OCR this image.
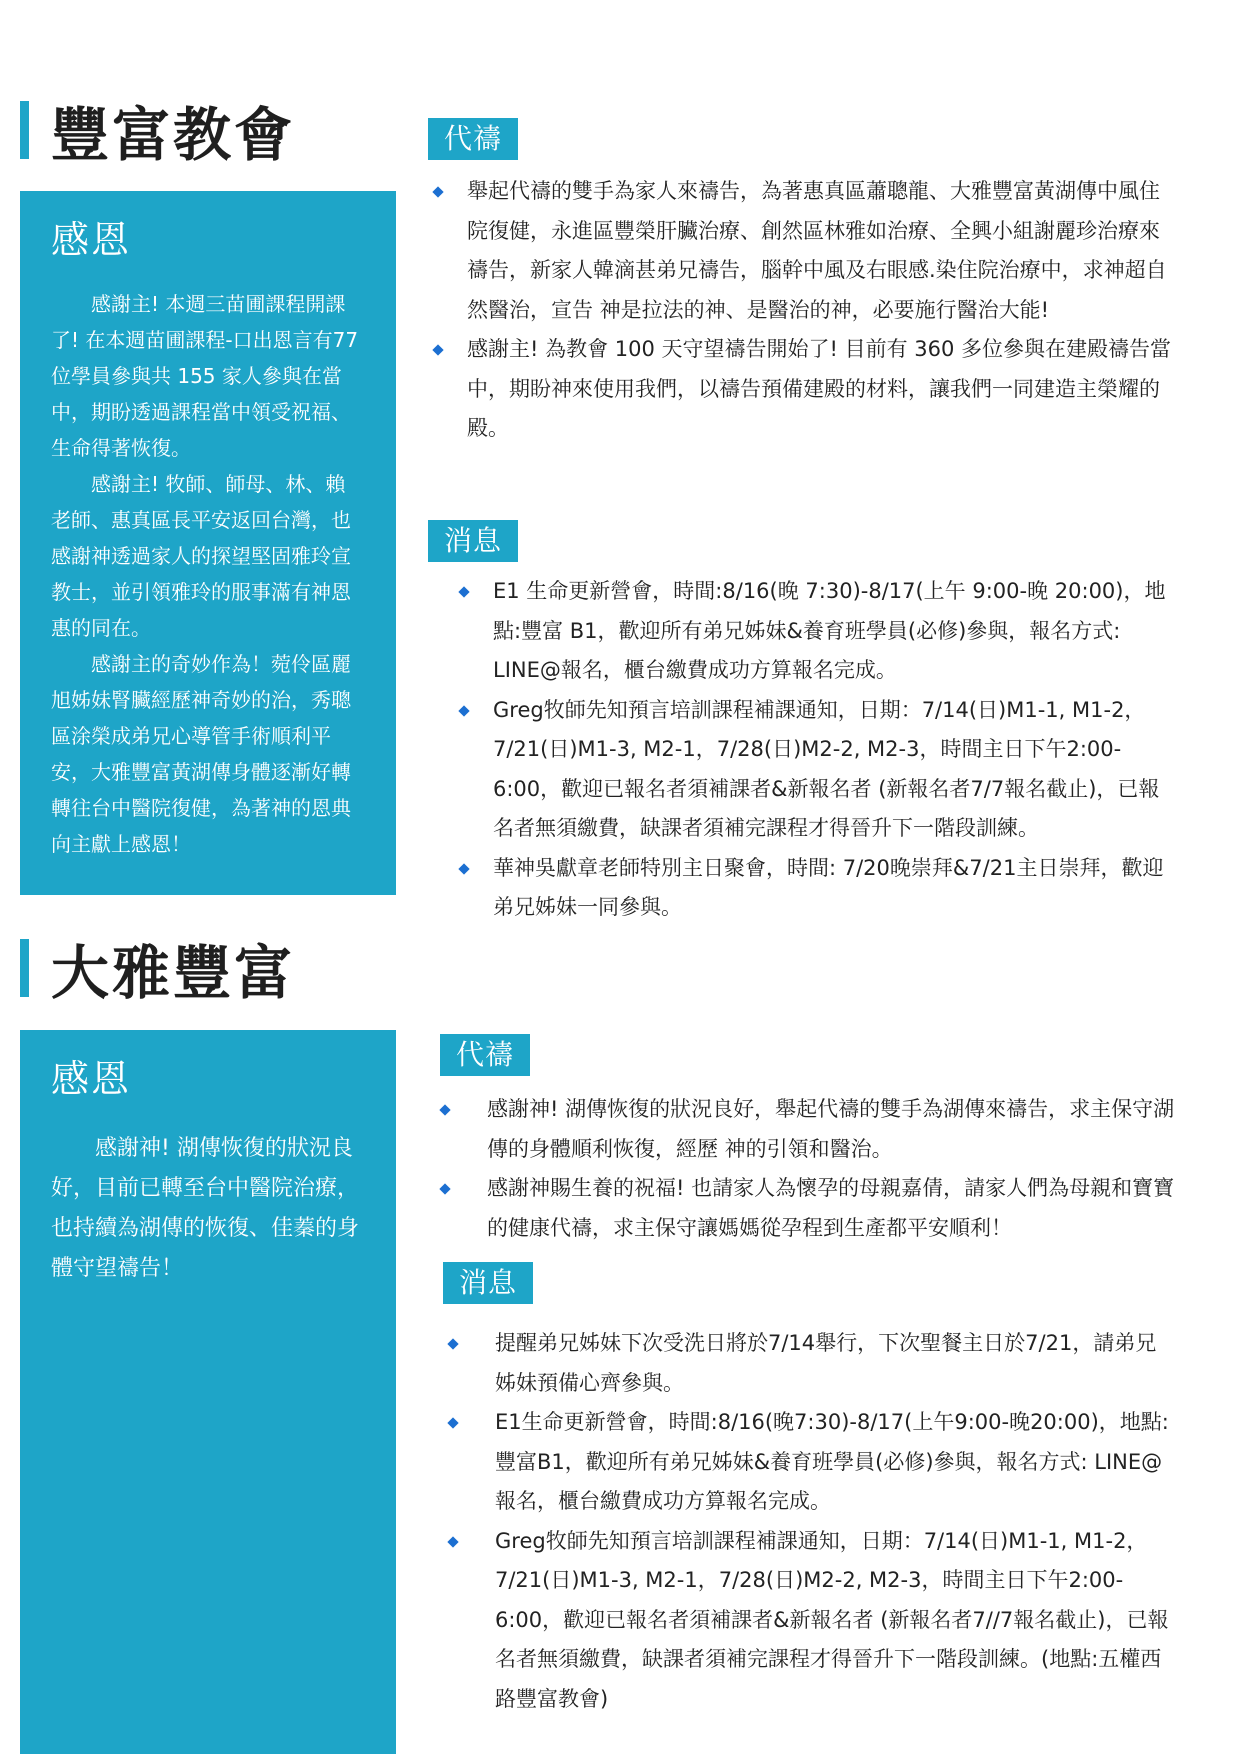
豐富教會
感恩

感謝主! 本週三苗圃課程開課了! 在本週苗圃課程-口出恩言有77 位學員參與共 155 家人參與在當中，期盼透過課程當中領受祝福、生命得著恢復。

感謝主! 牧師、師母、林、賴老師、惠真區長平安返回台灣，也感謝神透過家人的探望堅固雅玲宣教士，並引領雅玲的服事滿有神恩惠的同在。

感謝主的奇妙作為！菀伶區麗旭姊妹腎臟經歷神奇妙的治，秀聰區涂榮成弟兄心導管手術順利平安，大雅豐富黃湖傳身體逐漸好轉轉往台中醫院復健，為著神的恩典向主獻上感恩！

代禱
舉起代禱的雙手為家人來禱告，為著惠真區蕭聰龍、大雅豐富黃湖傳中風住院復健，永進區豐榮肝臟治療、創然區林雅如治療、全興小組謝麗珍治療來禱告，新家人韓滴甚弟兄禱告，腦幹中風及右眼感.染住院治療中，求神超自然醫治，宣告 神是拉法的神、是醫治的神，必要施行醫治大能!
感謝主! 為教會 100 天守望禱告開始了! 目前有 360 多位參與在建殿禱告當中，期盼神來使用我們，以禱告預備建殿的材料，讓我們一同建造主榮耀的殿。
消息
E1 生命更新營會，時間:8/16(晚 7:30)-8/17(上午 9:00-晚 20:00)，地點:豐富 B1，歡迎所有弟兄姊妹&養育班學員(必修)參與，報名方式: LINE@報名，櫃台繳費成功方算報名完成。
Greg牧師先知預言培訓課程補課通知，日期：7/14(日)M1-1, M1-2，7/21(日)M1-3, M2-1，7/28(日)M2-2, M2-3，時間主日下午2:00-6:00，歡迎已報名者須補課者&新報名者 (新報名者7/7報名截止)，已報名者無須繳費，缺課者須補完課程才得晉升下一階段訓練。
華神吳獻章老師特別主日聚會，時間: 7/20晚崇拜&7/21主日崇拜，歡迎弟兄姊妹一同參與。
大雅豐富
感恩

感謝神! 湖傳恢復的狀況良好，目前已轉至台中醫院治療，也持續為湖傳的恢復、佳蓁的身體守望禱告！

代禱
感謝神! 湖傳恢復的狀況良好，舉起代禱的雙手為湖傳來禱告，求主保守湖傳的身體順利恢復，經歷 神的引領和醫治。
感謝神賜生養的祝福! 也請家人為懷孕的母親嘉倩，請家人們為母親和寶寶的健康代禱，求主保守讓媽媽從孕程到生產都平安順利！
消息
提醒弟兄姊妹下次受洗日將於7/14舉行，下次聖餐主日於7/21，請弟兄姊妹預備心齊參與。
E1生命更新營會，時間:8/16(晚7:30)-8/17(上午9:00-晚20:00)，地點:豐富B1，歡迎所有弟兄姊妹&養育班學員(必修)參與，報名方式: LINE@報名，櫃台繳費成功方算報名完成。
Greg牧師先知預言培訓課程補課通知，日期：7/14(日)M1-1, M1-2，7/21(日)M1-3, M2-1，7/28(日)M2-2, M2-3，時間主日下午2:00-6:00，歡迎已報名者須補課者&新報名者 (新報名者7//7報名截止)，已報名者無須繳費，缺課者須補完課程才得晉升下一階段訓練。(地點:五權西路豐富教會)
